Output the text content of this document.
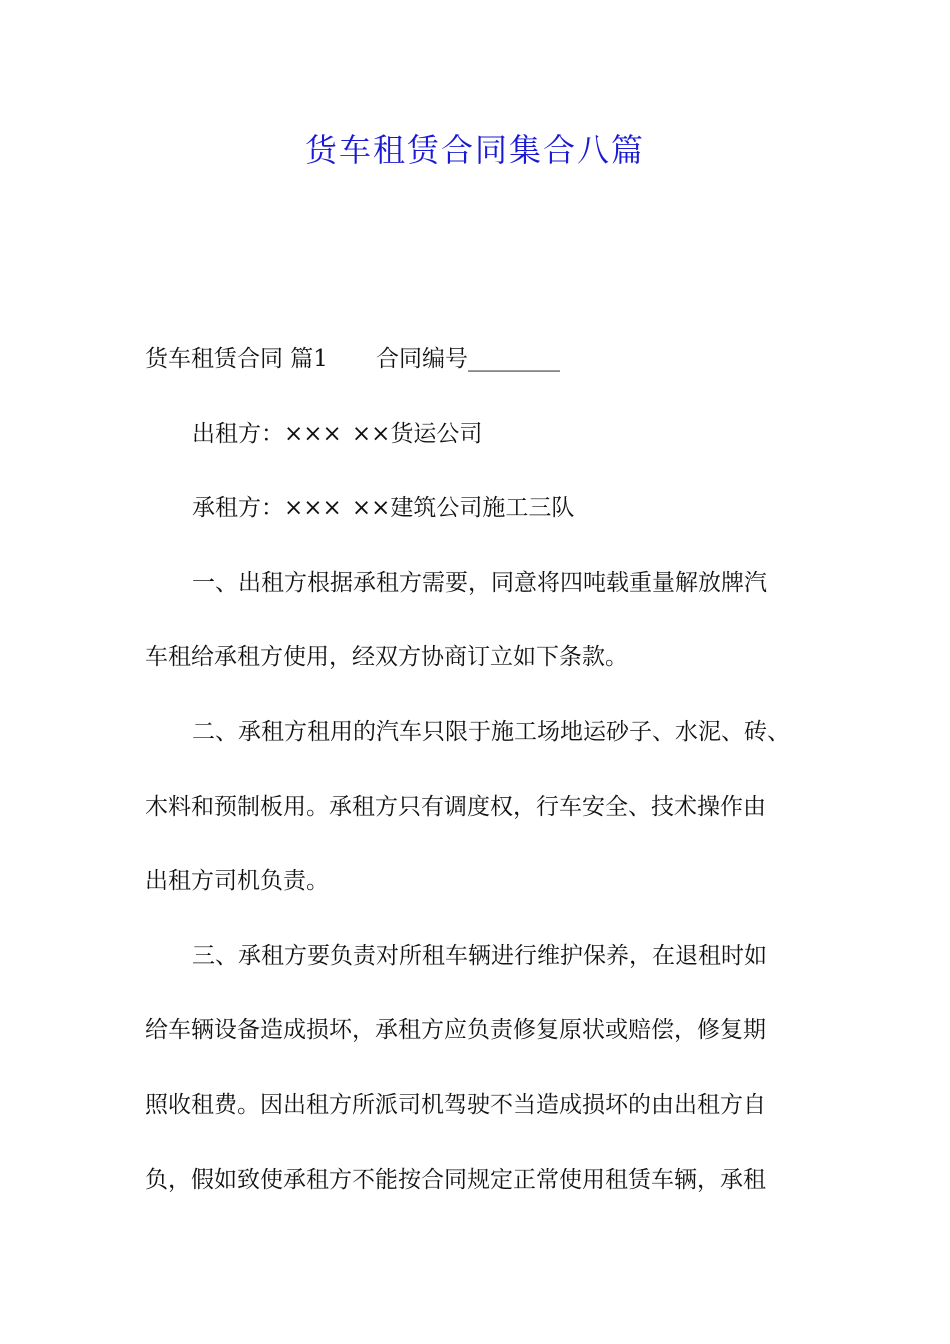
货车租赁合同集合八篇
货车租赁合同 篇1 合同编号________
出租方：××× ××货运公司
承租方：××× ××建筑公司施工三队
一、出租方根据承租方需要，同意将四吨载重量解放牌汽
车租给承租方使用，经双方协商订立如下条款。
二、承租方租用的汽车只限于施工场地运砂子、水泥、砖、
木料和预制板用。承租方只有调度权，行车安全、技术操作由
出租方司机负责。
三、承租方要负责对所租车辆进行维护保养，在退租时如
给车辆设备造成损坏，承租方应负责修复原状或赔偿，修复期
照收租费。因出租方所派司机驾驶不当造成损坏的由出租方自
负，假如致使承租方不能按合同规定正常使用租赁车辆，承租
